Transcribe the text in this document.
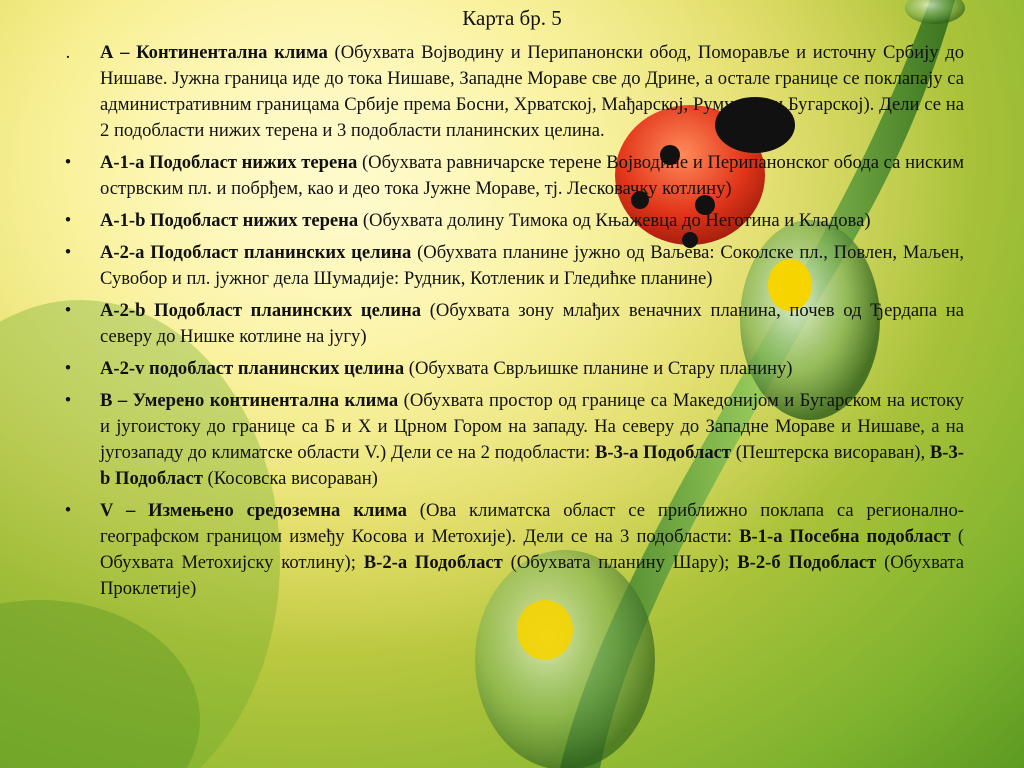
Карта бр. 5
.	А – Континентална клима (Обухвата Војводину и Перипанонски обод, Поморавље и источну Србију до Нишаве. Јужна граница иде до тока Нишаве, Западне Мораве све до Дрине, а остале границе се поклапају са административним границама Србије према Босни, Хрватској, Мађарској, Румунији и Бугарској). Дели се на 2 подобласти нижих терена и 3 подобласти планинских целина.
• А-1-а Подобласт нижих терена (Обухвата равничарске терене Војводине и Перипанонског обода са ниским острвским пл. и побрђем, као и део тока Јужне Мораве, тј. Лесковачку котлину)
• А-1-b Подобласт нижих терена (Обухвата долину Тимока од Књажевца до Неготина и Кладова)
• А-2-а Подобласт планинских целина (Обухвата планине јужно од Ваљева: Соколске пл., Повлен, Маљен, Сувобор и пл. јужног дела Шумадије: Рудник, Котленик и Гледићке планине)
• А-2-b Подобласт планинских целина (Обухвата зону млађих веначних планина, почев од Ђердапа на северу до Нишке котлине на југу)
• А-2-v подобласт планинских целина (Обухвата Сврљишке планине и Стару планину)
• В – Умерено континентална клима (Обухвата простор од границе са Македонијом и Бугарском на истоку и југоистоку до границе са Б и Х и Црном Гором на западу. На северу до Западне Мораве и Нишаве, а на југозападу до климатске области V.) Дели се на 2 подобласти: В-3-а Подобласт (Пештерска висораван), В-3-b Подобласт (Косовска висораван)
• V – Измењено средоземна клима (Ова климатска област се приближно поклапа са регионално-географском границом између Косова и Метохије). Дели се на 3 подобласти: В-1-а Посебна подобласт ( Обухвата Метохијску котлину); В-2-а Подобласт (Обухвата планину Шару); В-2-б Подобласт (Обухвата Проклетије)
